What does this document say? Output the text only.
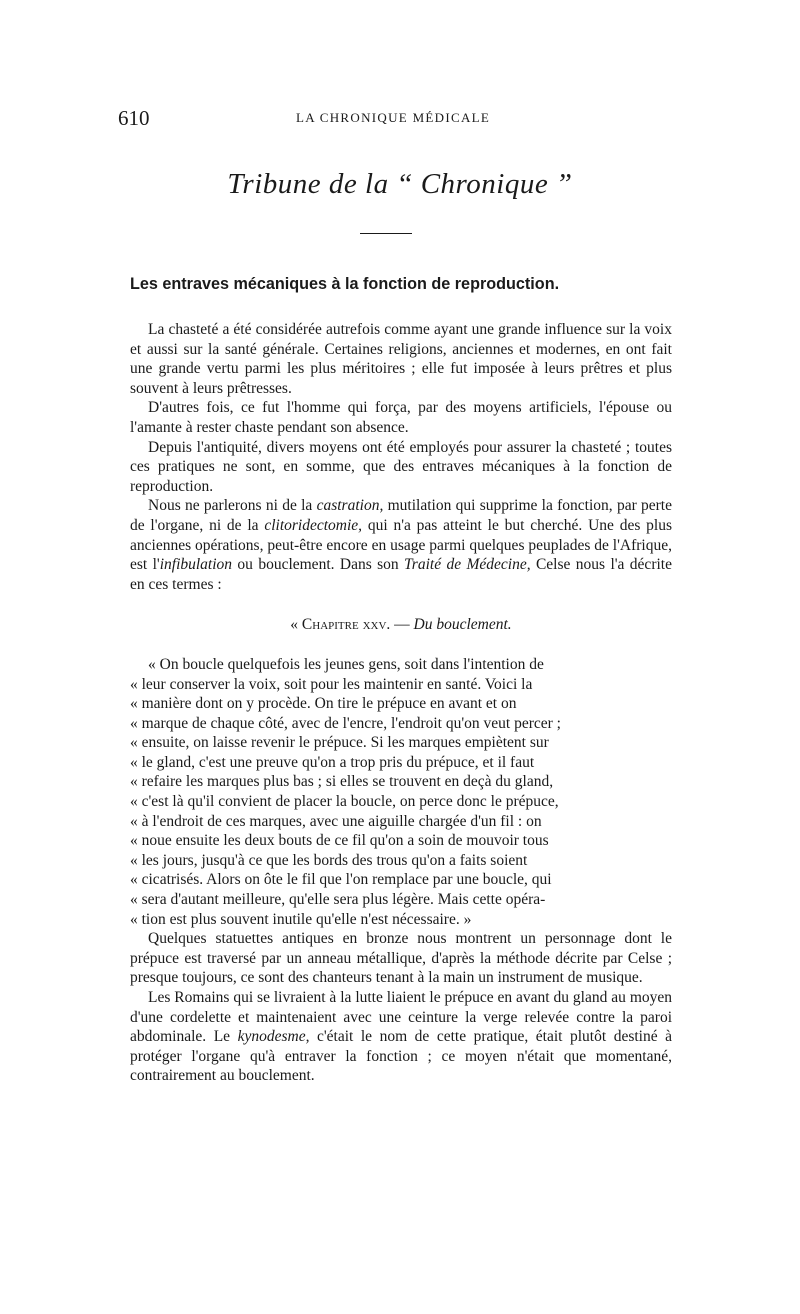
610	LA CHRONIQUE MÉDICALE
Tribune de la “ Chronique ”
Les entraves mécaniques à la fonction de reproduction.

La chasteté a été considérée autrefois comme ayant une grande influence sur la voix et aussi sur la santé générale. Certaines religions, anciennes et modernes, en ont fait une grande vertu parmi les plus méritoires ; elle fut imposée à leurs prêtres et plus souvent à leurs prêtresses.

D'autres fois, ce fut l'homme qui força, par des moyens artificiels, l'épouse ou l'amante à rester chaste pendant son absence.

Depuis l'antiquité, divers moyens ont été employés pour assurer la chasteté ; toutes ces pratiques ne sont, en somme, que des entraves mécaniques à la fonction de reproduction.

Nous ne parlerons ni de la castration, mutilation qui supprime la fonction, par perte de l'organe, ni de la clitoridectomie, qui n'a pas atteint le but cherché. Une des plus anciennes opérations, peut-être encore en usage parmi quelques peuplades de l'Afrique, est l'infibulation ou bouclement. Dans son Traité de Médecine, Celse nous l'a décrite en ces termes :

« Chapitre xxv. — Du bouclement.

« On boucle quelquefois les jeunes gens, soit dans l'intention de

« leur conserver la voix, soit pour les maintenir en santé. Voici la

« manière dont on y procède. On tire le prépuce en avant et on

« marque de chaque côté, avec de l'encre, l'endroit qu'on veut percer ;

« ensuite, on laisse revenir le prépuce. Si les marques empiètent sur

« le gland, c'est une preuve qu'on a trop pris du prépuce, et il faut

« refaire les marques plus bas ; si elles se trouvent en deçà du gland,

« c'est là qu'il convient de placer la boucle, on perce donc le prépuce,

« à l'endroit de ces marques, avec une aiguille chargée d'un fil : on

« noue ensuite les deux bouts de ce fil qu'on a soin de mouvoir tous

« les jours, jusqu'à ce que les bords des trous qu'on a faits soient

« cicatrisés. Alors on ôte le fil que l'on remplace par une boucle, qui

« sera d'autant meilleure, qu'elle sera plus légère. Mais cette opéra-

« tion est plus souvent inutile qu'elle n'est nécessaire. »

Quelques statuettes antiques en bronze nous montrent un personnage dont le prépuce est traversé par un anneau métallique, d'après la méthode décrite par Celse ; presque toujours, ce sont des chanteurs tenant à la main un instrument de musique.

Les Romains qui se livraient à la lutte liaient le prépuce en avant du gland au moyen d'une cordelette et maintenaient avec une ceinture la verge relevée contre la paroi abdominale. Le kynodesme, c'était le nom de cette pratique, était plutôt destiné à protéger l'organe qu'à entraver la fonction ; ce moyen n'était que momentané, contrairement au bouclement.
